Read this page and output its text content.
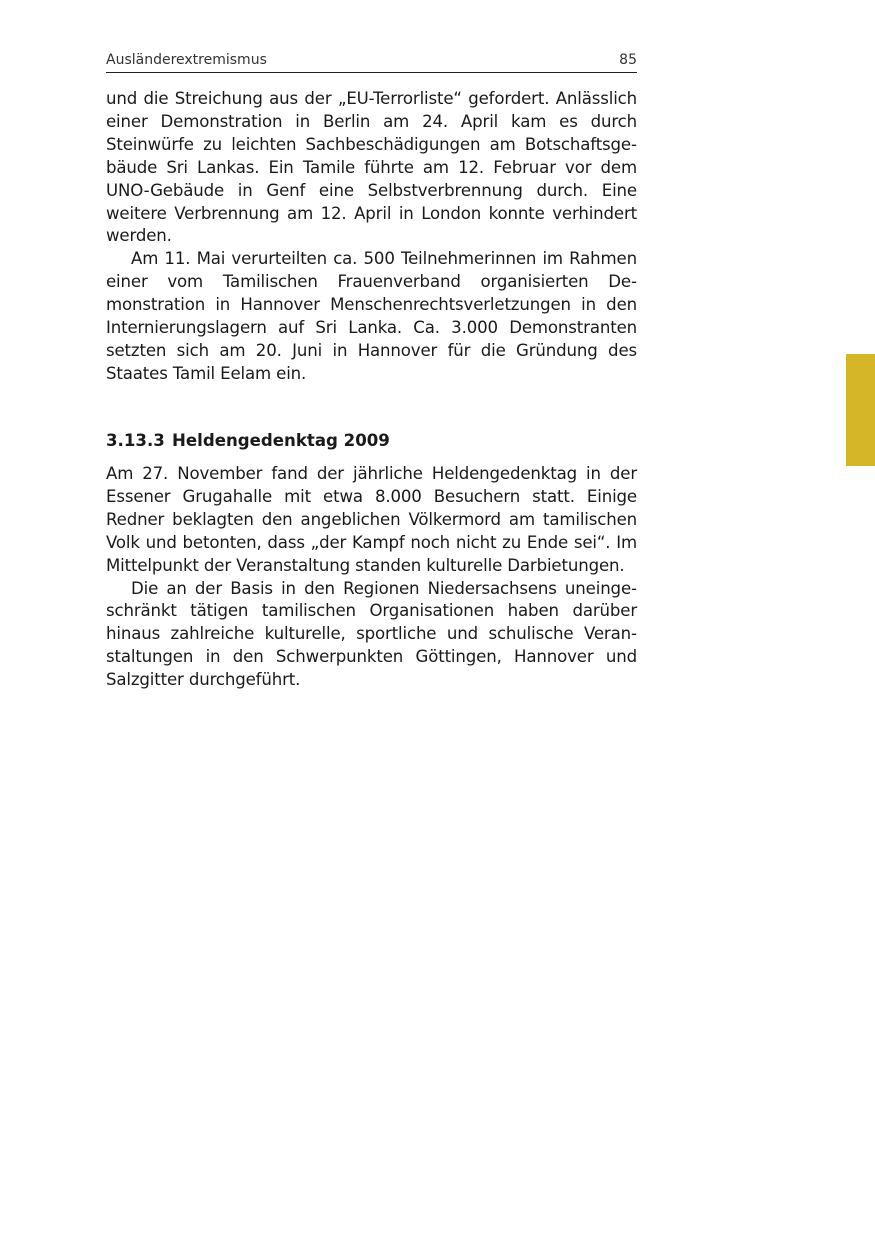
Ausländerextremismus	85

und die Streichung aus der „EU-Terrorliste“ gefordert. Anlässlich einer Demonstration in Berlin am 24. April kam es durch Steinwürfe zu leichten Sachbeschädigungen am Botschaftsgebäude Sri Lankas. Ein Tamile führte am 12. Februar vor dem UNO-Gebäude in Genf eine Selbstverbrennung durch. Eine weitere Verbrennung am 12. April in London konnte verhindert werden.

Am 11. Mai verurteilten ca. 500 Teilnehmerinnen im Rahmen einer vom Tamilischen Frauenverband organisierten Demonstration in Hannover Menschenrechtsverletzungen in den Internierungslagern auf Sri Lanka. Ca. 3.000 Demonstranten setzten sich am 20. Juni in Hannover für die Gründung des Staates Tamil Eelam ein.

3.13.3 Heldengedenktag 2009

Am 27. November fand der jährliche Heldengedenktag in der Essener Grugahalle mit etwa 8.000 Besuchern statt. Einige Redner beklagten den angeblichen Völkermord am tamilischen Volk und betonten, dass „der Kampf noch nicht zu Ende sei“. Im Mittelpunkt der Veranstaltung standen kulturelle Darbietungen.

Die an der Basis in den Regionen Niedersachsens uneingeschränkt tätigen tamilischen Organisationen haben darüber hinaus zahlreiche kulturelle, sportliche und schulische Veranstaltungen in den Schwerpunkten Göttingen, Hannover und Salzgitter durchgeführt.
